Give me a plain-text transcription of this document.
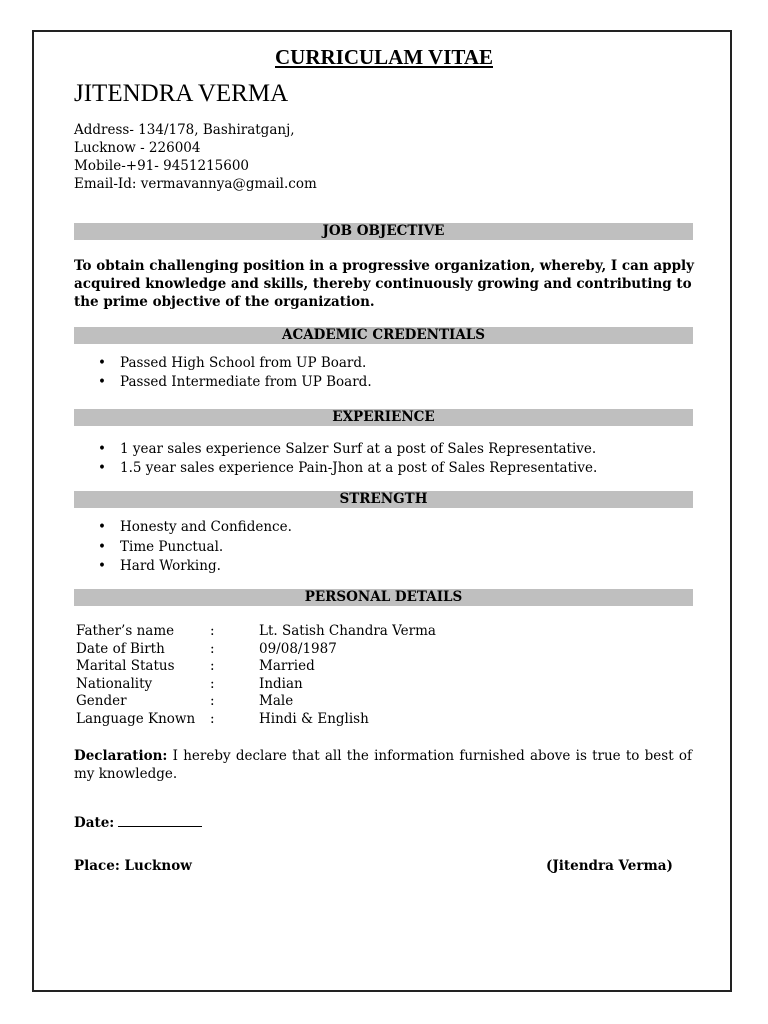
CURRICULAM VITAE
JITENDRA VERMA
Address- 134/178, Bashiratganj,
Lucknow - 226004
Mobile-+91- 9451215600
Email-Id: vermavannya@gmail.com
JOB OBJECTIVE
To obtain challenging position in a progressive organization, whereby, I can apply acquired knowledge and skills, thereby continuously growing and contributing to the prime objective of the organization.
ACADEMIC CREDENTIALS
• Passed High School from UP Board.
• Passed Intermediate from UP Board.
EXPERIENCE
• 1 year sales experience Salzer Surf at a post of Sales Representative.
• 1.5 year sales experience Pain-Jhon at a post of Sales Representative.
STRENGTH
• Honesty and Confidence.
• Time Punctual.
• Hard Working.
PERSONAL DETAILS
Father’s name	:	Lt. Satish Chandra Verma
Date of Birth	:	09/08/1987
Marital Status	:	Married
Nationality	:	Indian
Gender	:	Male
Language Known	:	Hindi & English
Declaration: I hereby declare that all the information furnished above is true to best of my knowledge.
Date:
Place: Lucknow	(Jitendra Verma)
